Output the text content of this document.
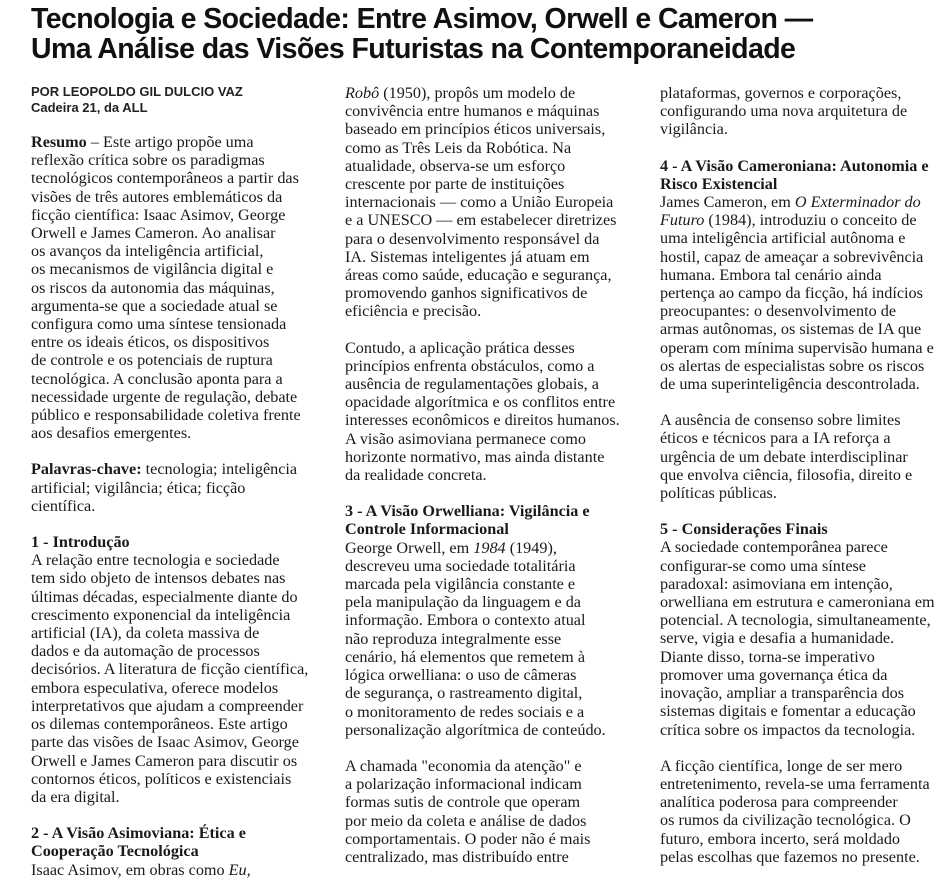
Tecnologia e Sociedade: Entre Asimov, Orwell e Cameron —
Uma Análise das Visões Futuristas na Contemporaneidade
POR LEOPOLDO GIL DULCIO VAZ
Cadeira 21, da ALL
Resumo – Este artigo propõe uma
reflexão crítica sobre os paradigmas
tecnológicos contemporâneos a partir das
visões de três autores emblemáticos da
ficção científica: Isaac Asimov, George
Orwell e James Cameron. Ao analisar
os avanços da inteligência artificial,
os mecanismos de vigilância digital e
os riscos da autonomia das máquinas,
argumenta-se que a sociedade atual se
configura como uma síntese tensionada
entre os ideais éticos, os dispositivos
de controle e os potenciais de ruptura
tecnológica. A conclusão aponta para a
necessidade urgente de regulação, debate
público e responsabilidade coletiva frente
aos desafios emergentes.
Palavras-chave: tecnologia; inteligência
artificial; vigilância; ética; ficção
científica.
1 - Introdução
A relação entre tecnologia e sociedade
tem sido objeto de intensos debates nas
últimas décadas, especialmente diante do
crescimento exponencial da inteligência
artificial (IA), da coleta massiva de
dados e da automação de processos
decisórios. A literatura de ficção científica,
embora especulativa, oferece modelos
interpretativos que ajudam a compreender
os dilemas contemporâneos. Este artigo
parte das visões de Isaac Asimov, George
Orwell e James Cameron para discutir os
contornos éticos, políticos e existenciais
da era digital.
2 - A Visão Asimoviana: Ética e
Cooperação Tecnológica
Isaac Asimov, em obras como Eu,
Robô (1950), propôs um modelo de
convivência entre humanos e máquinas
baseado em princípios éticos universais,
como as Três Leis da Robótica. Na
atualidade, observa-se um esforço
crescente por parte de instituições
internacionais — como a União Europeia
e a UNESCO — em estabelecer diretrizes
para o desenvolvimento responsável da
IA. Sistemas inteligentes já atuam em
áreas como saúde, educação e segurança,
promovendo ganhos significativos de
eficiência e precisão.
Contudo, a aplicação prática desses
princípios enfrenta obstáculos, como a
ausência de regulamentações globais, a
opacidade algorítmica e os conflitos entre
interesses econômicos e direitos humanos.
A visão asimoviana permanece como
horizonte normativo, mas ainda distante
da realidade concreta.
3 - A Visão Orwelliana: Vigilância e
Controle Informacional
George Orwell, em 1984 (1949),
descreveu uma sociedade totalitária
marcada pela vigilância constante e
pela manipulação da linguagem e da
informação. Embora o contexto atual
não reproduza integralmente esse
cenário, há elementos que remetem à
lógica orwelliana: o uso de câmeras
de segurança, o rastreamento digital,
o monitoramento de redes sociais e a
personalização algorítmica de conteúdo.
A chamada "economia da atenção" e
a polarização informacional indicam
formas sutis de controle que operam
por meio da coleta e análise de dados
comportamentais. O poder não é mais
centralizado, mas distribuído entre
plataformas, governos e corporações,
configurando uma nova arquitetura de
vigilância.
4 - A Visão Cameroniana: Autonomia e
Risco Existencial
James Cameron, em O Exterminador do
Futuro (1984), introduziu o conceito de
uma inteligência artificial autônoma e
hostil, capaz de ameaçar a sobrevivência
humana. Embora tal cenário ainda
pertença ao campo da ficção, há indícios
preocupantes: o desenvolvimento de
armas autônomas, os sistemas de IA que
operam com mínima supervisão humana e
os alertas de especialistas sobre os riscos
de uma superinteligência descontrolada.
A ausência de consenso sobre limites
éticos e técnicos para a IA reforça a
urgência de um debate interdisciplinar
que envolva ciência, filosofia, direito e
políticas públicas.
5 - Considerações Finais
A sociedade contemporânea parece
configurar-se como uma síntese
paradoxal: asimoviana em intenção,
orwelliana em estrutura e cameroniana em
potencial. A tecnologia, simultaneamente,
serve, vigia e desafia a humanidade.
Diante disso, torna-se imperativo
promover uma governança ética da
inovação, ampliar a transparência dos
sistemas digitais e fomentar a educação
crítica sobre os impactos da tecnologia.
A ficção científica, longe de ser mero
entretenimento, revela-se uma ferramenta
analítica poderosa para compreender
os rumos da civilização tecnológica. O
futuro, embora incerto, será moldado
pelas escolhas que fazemos no presente.
